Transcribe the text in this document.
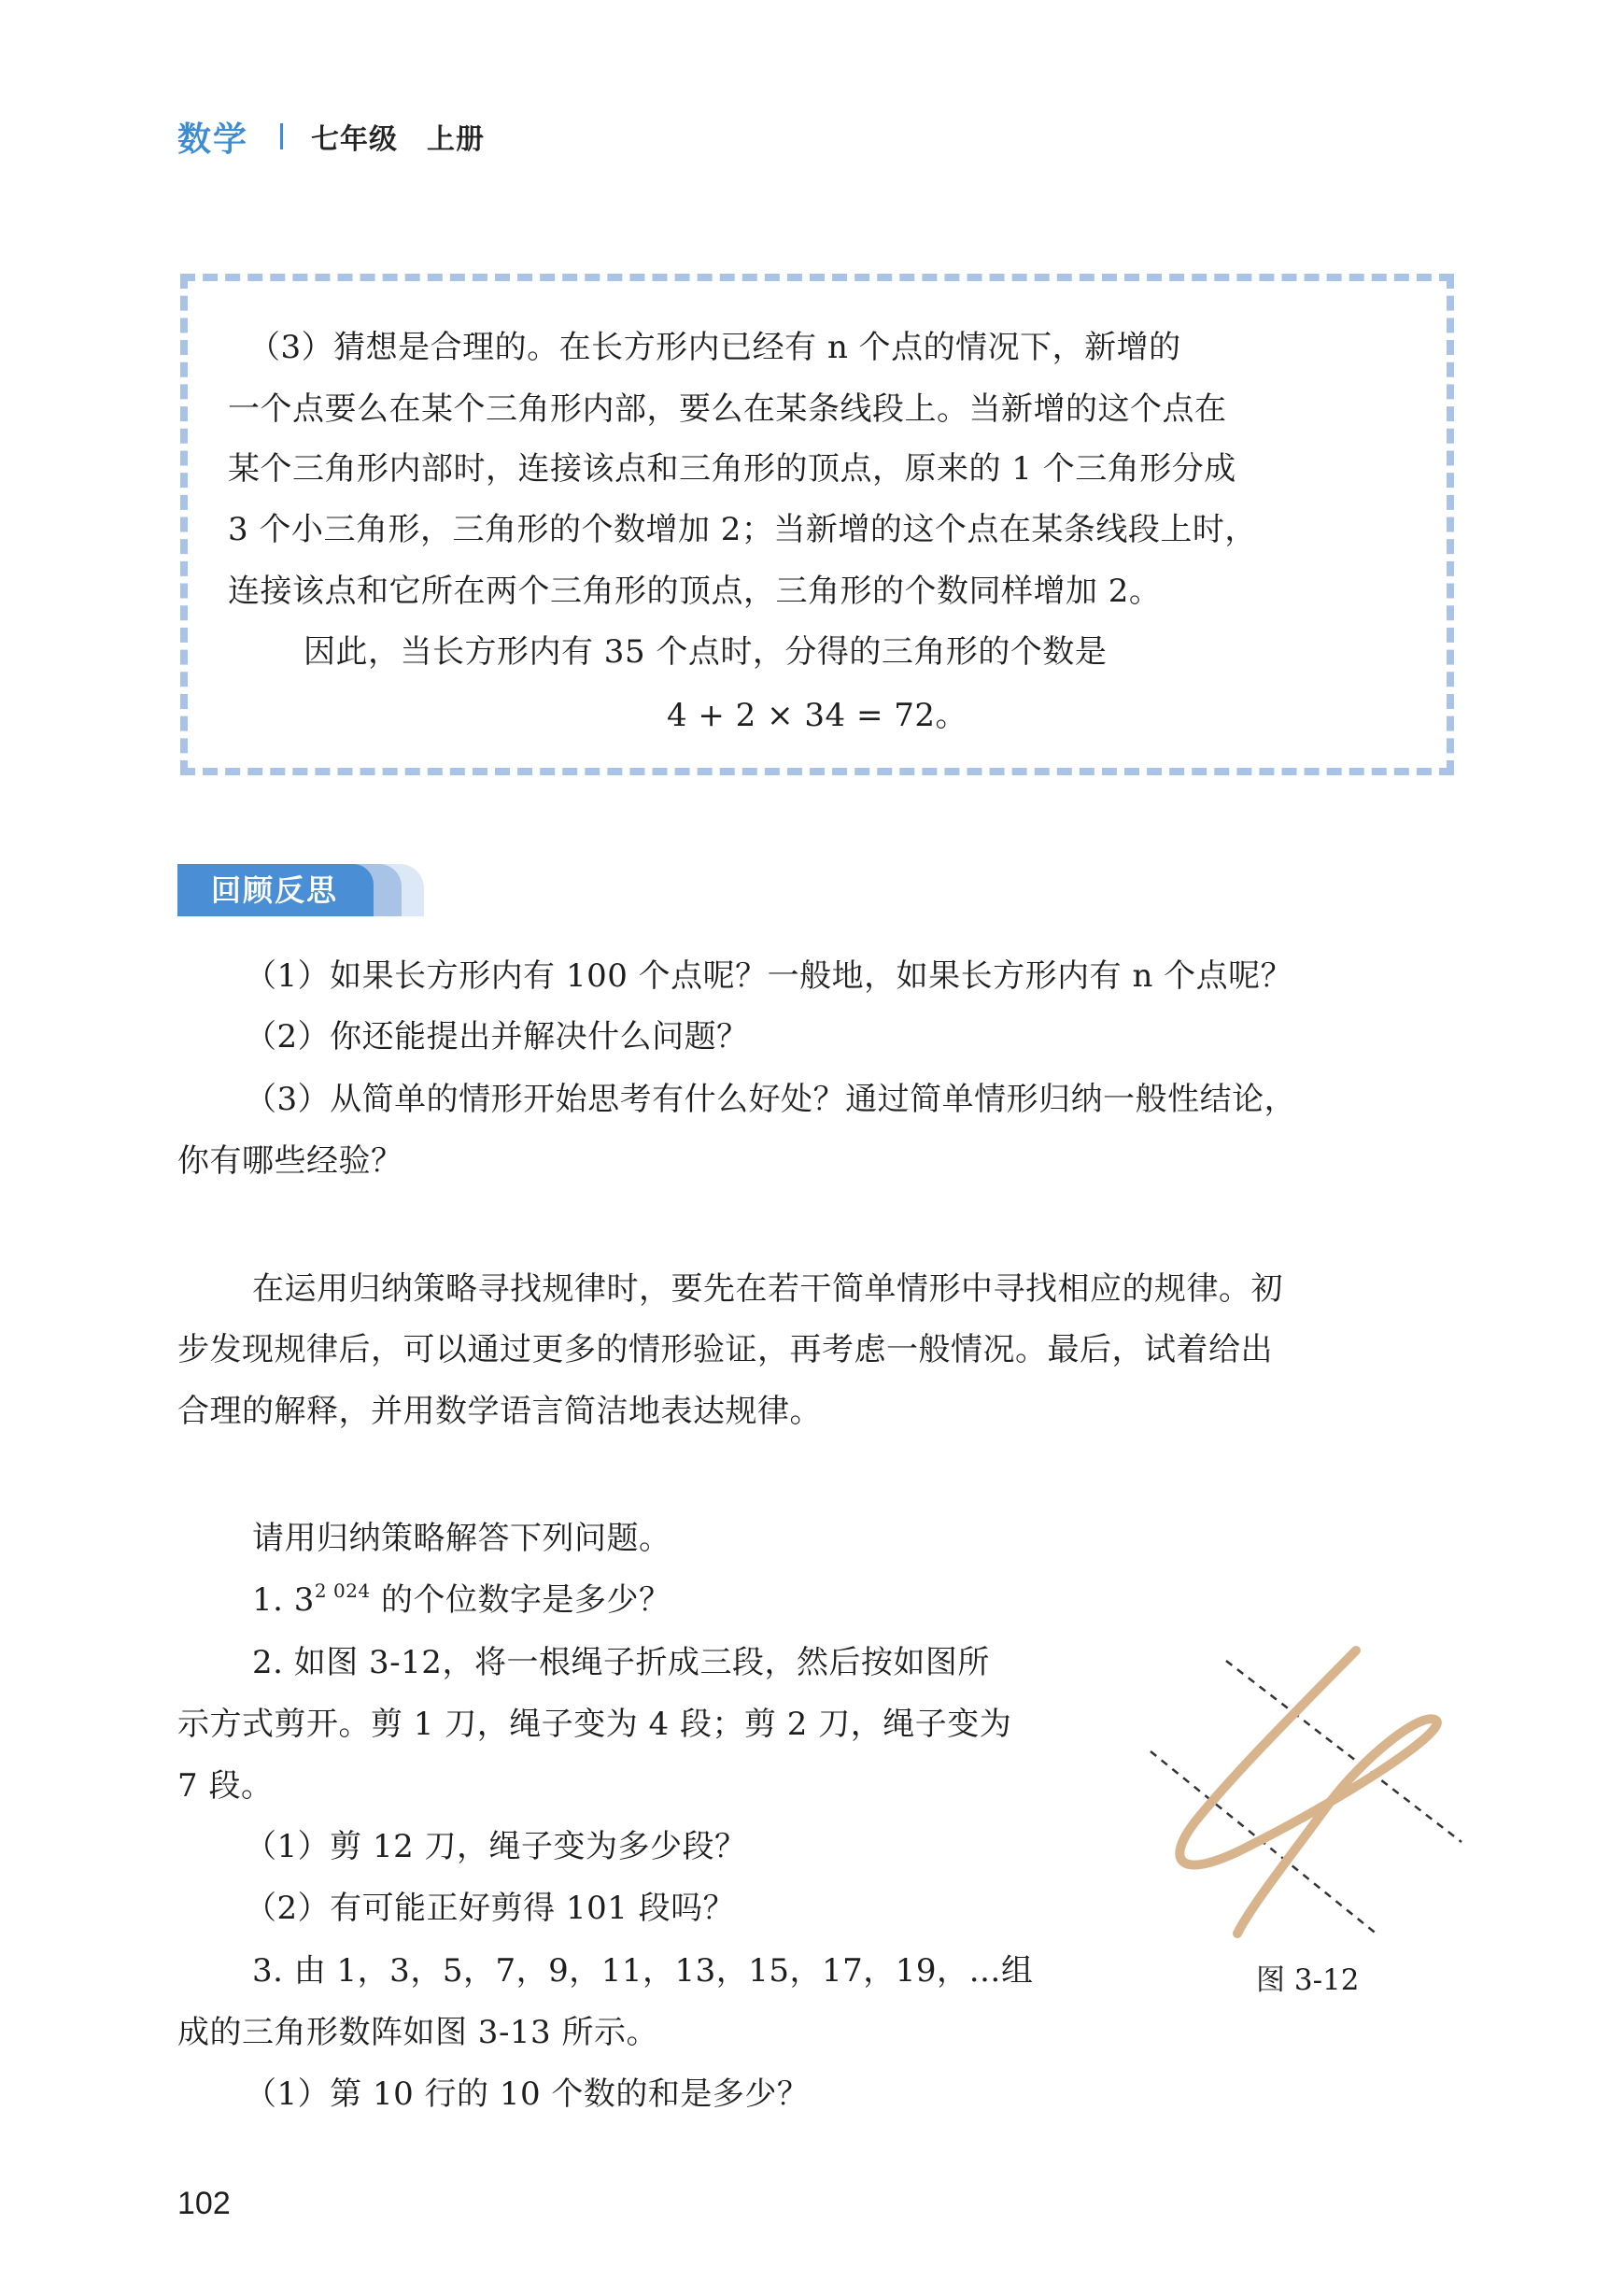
数学 七年级　上册
（3）猜想是合理的。在长方形内已经有 n 个点的情况下，新增的
一个点要么在某个三角形内部，要么在某条线段上。当新增的这个点在
某个三角形内部时，连接该点和三角形的顶点，原来的 1 个三角形分成
3 个小三角形，三角形的个数增加 2；当新增的这个点在某条线段上时，
连接该点和它所在两个三角形的顶点，三角形的个数同样增加 2。
因此，当长方形内有 35 个点时，分得的三角形的个数是
4 + 2 × 34 = 72。
回顾反思
（1）如果长方形内有 100 个点呢？一般地，如果长方形内有 n 个点呢？
（2）你还能提出并解决什么问题？
（3）从简单的情形开始思考有什么好处？通过简单情形归纳一般性结论，
你有哪些经验？
在运用归纳策略寻找规律时，要先在若干简单情形中寻找相应的规律。初
步发现规律后，可以通过更多的情形验证，再考虑一般情况。最后，试着给出
合理的解释，并用数学语言简洁地表达规律。
请用归纳策略解答下列问题。
1. $3^{2 024}$ 的个位数字是多少？
2. 如图 3-12，将一根绳子折成三段，然后按如图所
示方式剪开。剪 1 刀，绳子变为 4 段；剪 2 刀，绳子变为
7 段。
（1）剪 12 刀，绳子变为多少段？
（2）有可能正好剪得 101 段吗？
3. 由 1，3，5，7，9，11，13，15，17，19，…组
成的三角形数阵如图 3-13 所示。
（1）第 10 行的 10 个数的和是多少？
图 3-12
102
